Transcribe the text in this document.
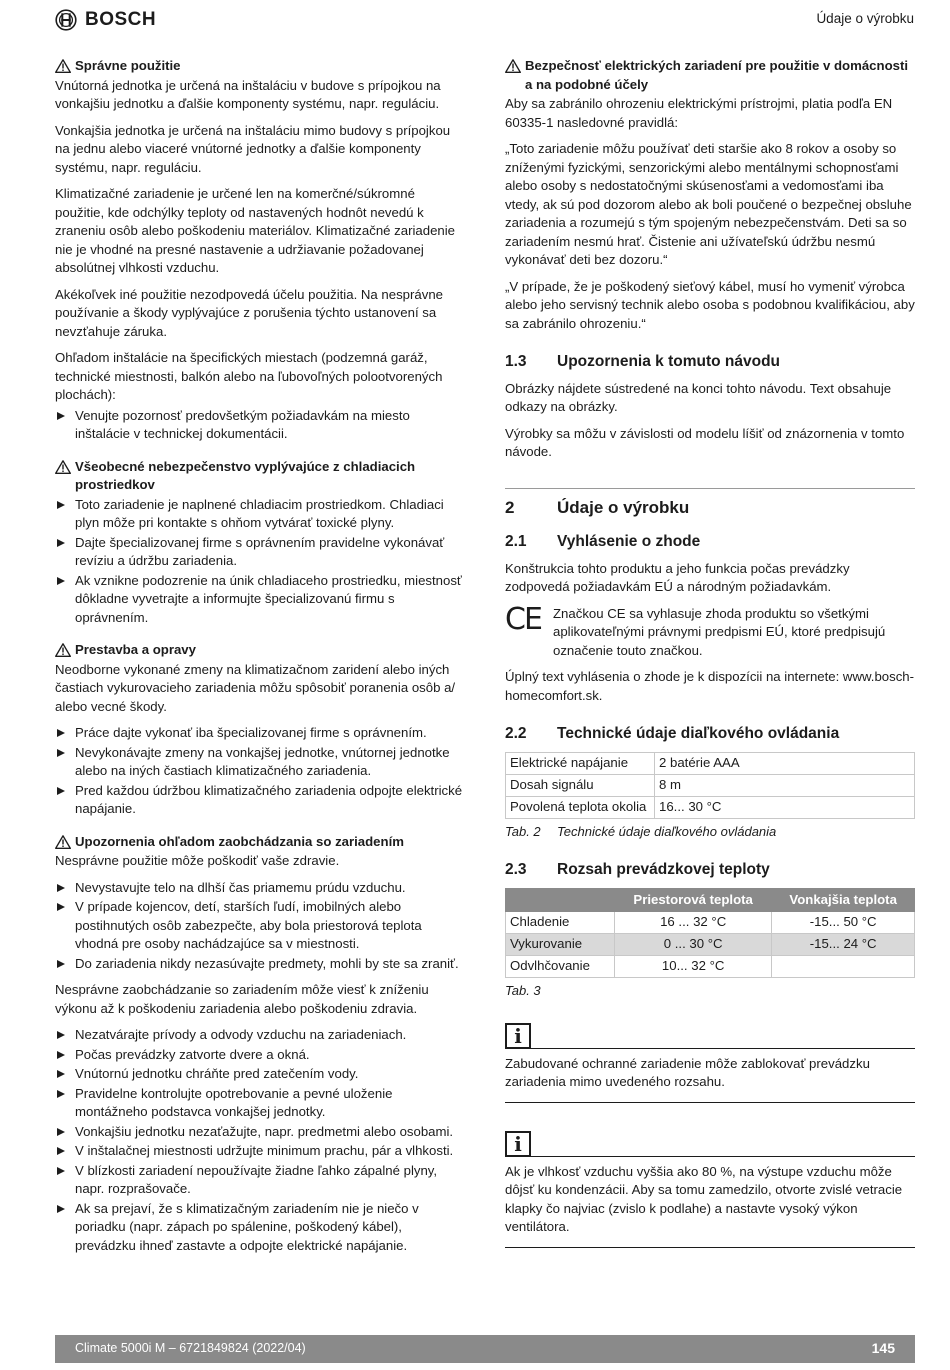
BOSCH	Údaje o výrobku
Správne použitie

Vnútorná jednotka je určená na inštaláciu v budove s prípojkou na vonkajšiu jednotku a ďalšie komponenty systému, napr. reguláciu.

Vonkajšia jednotka je určená na inštaláciu mimo budovy s prípojkou na jednu alebo viaceré vnútorné jednotky a ďalšie komponenty systému, napr. reguláciu.

Klimatizačné zariadenie je určené len na komerčné/súkromné použitie, kde odchýlky teploty od nastavených hodnôt nevedú k zraneniu osôb alebo poškodeniu materiálov. Klimatizačné zariadenie nie je vhodné na presné nastavenie a udržiavanie požadovanej absolútnej vlhkosti vzduchu.

Akékoľvek iné použitie nezodpovedá účelu použitia. Na nesprávne používanie a škody vyplývajúce z porušenia týchto ustanovení sa nevzťahuje záruka.

Ohľadom inštalácie na špecifických miestach (podzemná garáž, technické miestnosti, balkón alebo na ľubovoľných polootvorených plochách):

Venujte pozornosť predovšetkým požiadavkám na miesto inštalácie v technickej dokumentácii.
Všeobecné nebezpečenstvo vyplývajúce z chladiacich prostriedkov
Toto zariadenie je naplnené chladiacim prostriedkom. Chladiaci plyn môže pri kontakte s ohňom vytvárať toxické plyny.
Dajte špecializovanej firme s oprávnením pravidelne vykonávať revíziu a údržbu zariadenia.
Ak vznikne podozrenie na únik chladiaceho prostriedku, miestnosť dôkladne vyvetrajte a informujte špecializovanú firmu s oprávnením.
Prestavba a opravy

Neodborne vykonané zmeny na klimatizačnom zaridení alebo iných častiach vykurovacieho zariadenia môžu spôsobiť poranenia osôb a/ alebo vecné škody.

Práce dajte vykonať iba špecializovanej firme s oprávnením.
Nevykonávajte zmeny na vonkajšej jednotke, vnútornej jednotke alebo na iných častiach klimatizačného zariadenia.
Pred každou údržbou klimatizačného zariadenia odpojte elektrické napájanie.
Upozornenia ohľadom zaobchádzania so zariadením

Nesprávne použitie môže poškodiť vaše zdravie.

Nevystavujte telo na dlhší čas priamemu prúdu vzduchu.
V prípade kojencov, detí, starších ľudí, imobilných alebo postihnutých osôb zabezpečte, aby bola priestorová teplota vhodná pre osoby nachádzajúce sa v miestnosti.
Do zariadenia nikdy nezasúvajte predmety, mohli by ste sa zraniť.

Nesprávne zaobchádzanie so zariadením môže viesť k zníženiu výkonu až k poškodeniu zariadenia alebo poškodeniu zdravia.

Nezatvárajte prívody a odvody vzduchu na zariadeniach.
Počas prevádzky zatvorte dvere a okná.
Vnútornú jednotku chráňte pred zatečením vody.
Pravidelne kontrolujte opotrebovanie a pevné uloženie montážneho podstavca vonkajšej jednotky.
Vonkajšiu jednotku nezaťažujte, napr. predmetmi alebo osobami.
V inštalačnej miestnosti udržujte minimum prachu, pár a vlhkosti.
V blízkosti zariadení nepoužívajte žiadne ľahko zápalné plyny, napr. rozprašovače.
Ak sa prejaví, že s klimatizačným zariadením nie je niečo v poriadku (napr. zápach po spálenine, poškodený kábel), prevádzku ihneď zastavte a odpojte elektrické napájanie.
Bezpečnosť elektrických zariadení pre použitie v domácnosti a na podobné účely

Aby sa zabránilo ohrozeniu elektrickými prístrojmi, platia podľa EN 60335-1 nasledovné pravidlá:

„Toto zariadenie môžu používať deti staršie ako 8 rokov a osoby so zníženými fyzickými, senzorickými alebo mentálnymi schopnosťami alebo osoby s nedostatočnými skúsenosťami a vedomosťami iba vtedy, ak sú pod dozorom alebo ak boli poučené o bezpečnej obsluhe zariadenia a rozumejú s tým spojeným nebezpečenstvám. Deti sa so zariadením nesmú hrať. Čistenie ani užívateľskú údržbu nesmú vykonávať deti bez dozoru.“

„V prípade, že je poškodený sieťový kábel, musí ho vymeniť výrobca alebo jeho servisný technik alebo osoba s podobnou kvalifikáciou, aby sa zabránilo ohrozeniu.“

1.3	Upozornenia k tomuto návodu

Obrázky nájdete sústredené na konci tohto návodu. Text obsahuje odkazy na obrázky.

Výrobky sa môžu v závislosti od modelu líšiť od znázornenia v tomto návode.

2	Údaje o výrobku
2.1	Vyhlásenie o zhode

Konštrukcia tohto produktu a jeho funkcia počas prevádzky zodpovedá požiadavkám EÚ a národným požiadavkám.

CE Značkou CE sa vyhlasuje zhoda produktu so všetkými aplikovateľnými právnymi predpismi EÚ, ktoré predpisujú označenie touto značkou.

Úplný text vyhlásenia o zhode je k dispozícii na internete: www.bosch-homecomfort.sk.

2.2	Technické údaje diaľkového ovládania
Elektrické napájanie	2 batérie AAA
Dosah signálu	8 m
Povolená teplota okolia	16... 30 °C
Tab. 2	Technické údaje diaľkového ovládania
2.3	Rozsah prevádzkovej teploty
	Priestorová teplota	Vonkajšia teplota
Chladenie	16 ... 32 °C	-15... 50 °C
Vykurovanie	0 ... 30 °C	-15... 24 °C
Odvlhčovanie	10... 32 °C	
Tab. 3
i
Zabudované ochranné zariadenie môže zablokovať prevádzku zariadenia mimo uvedeného rozsahu.
i
Ak je vlhkosť vzduchu vyššia ako 80 %, na výstupe vzduchu môže dôjsť ku kondenzácii. Aby sa tomu zamedzilo, otvorte zvislé vetracie klapky čo najviac (zvislo k podlahe) a nastavte vysoký výkon ventilátora.
Climate 5000i M – 6721849824 (2022/04)	145
